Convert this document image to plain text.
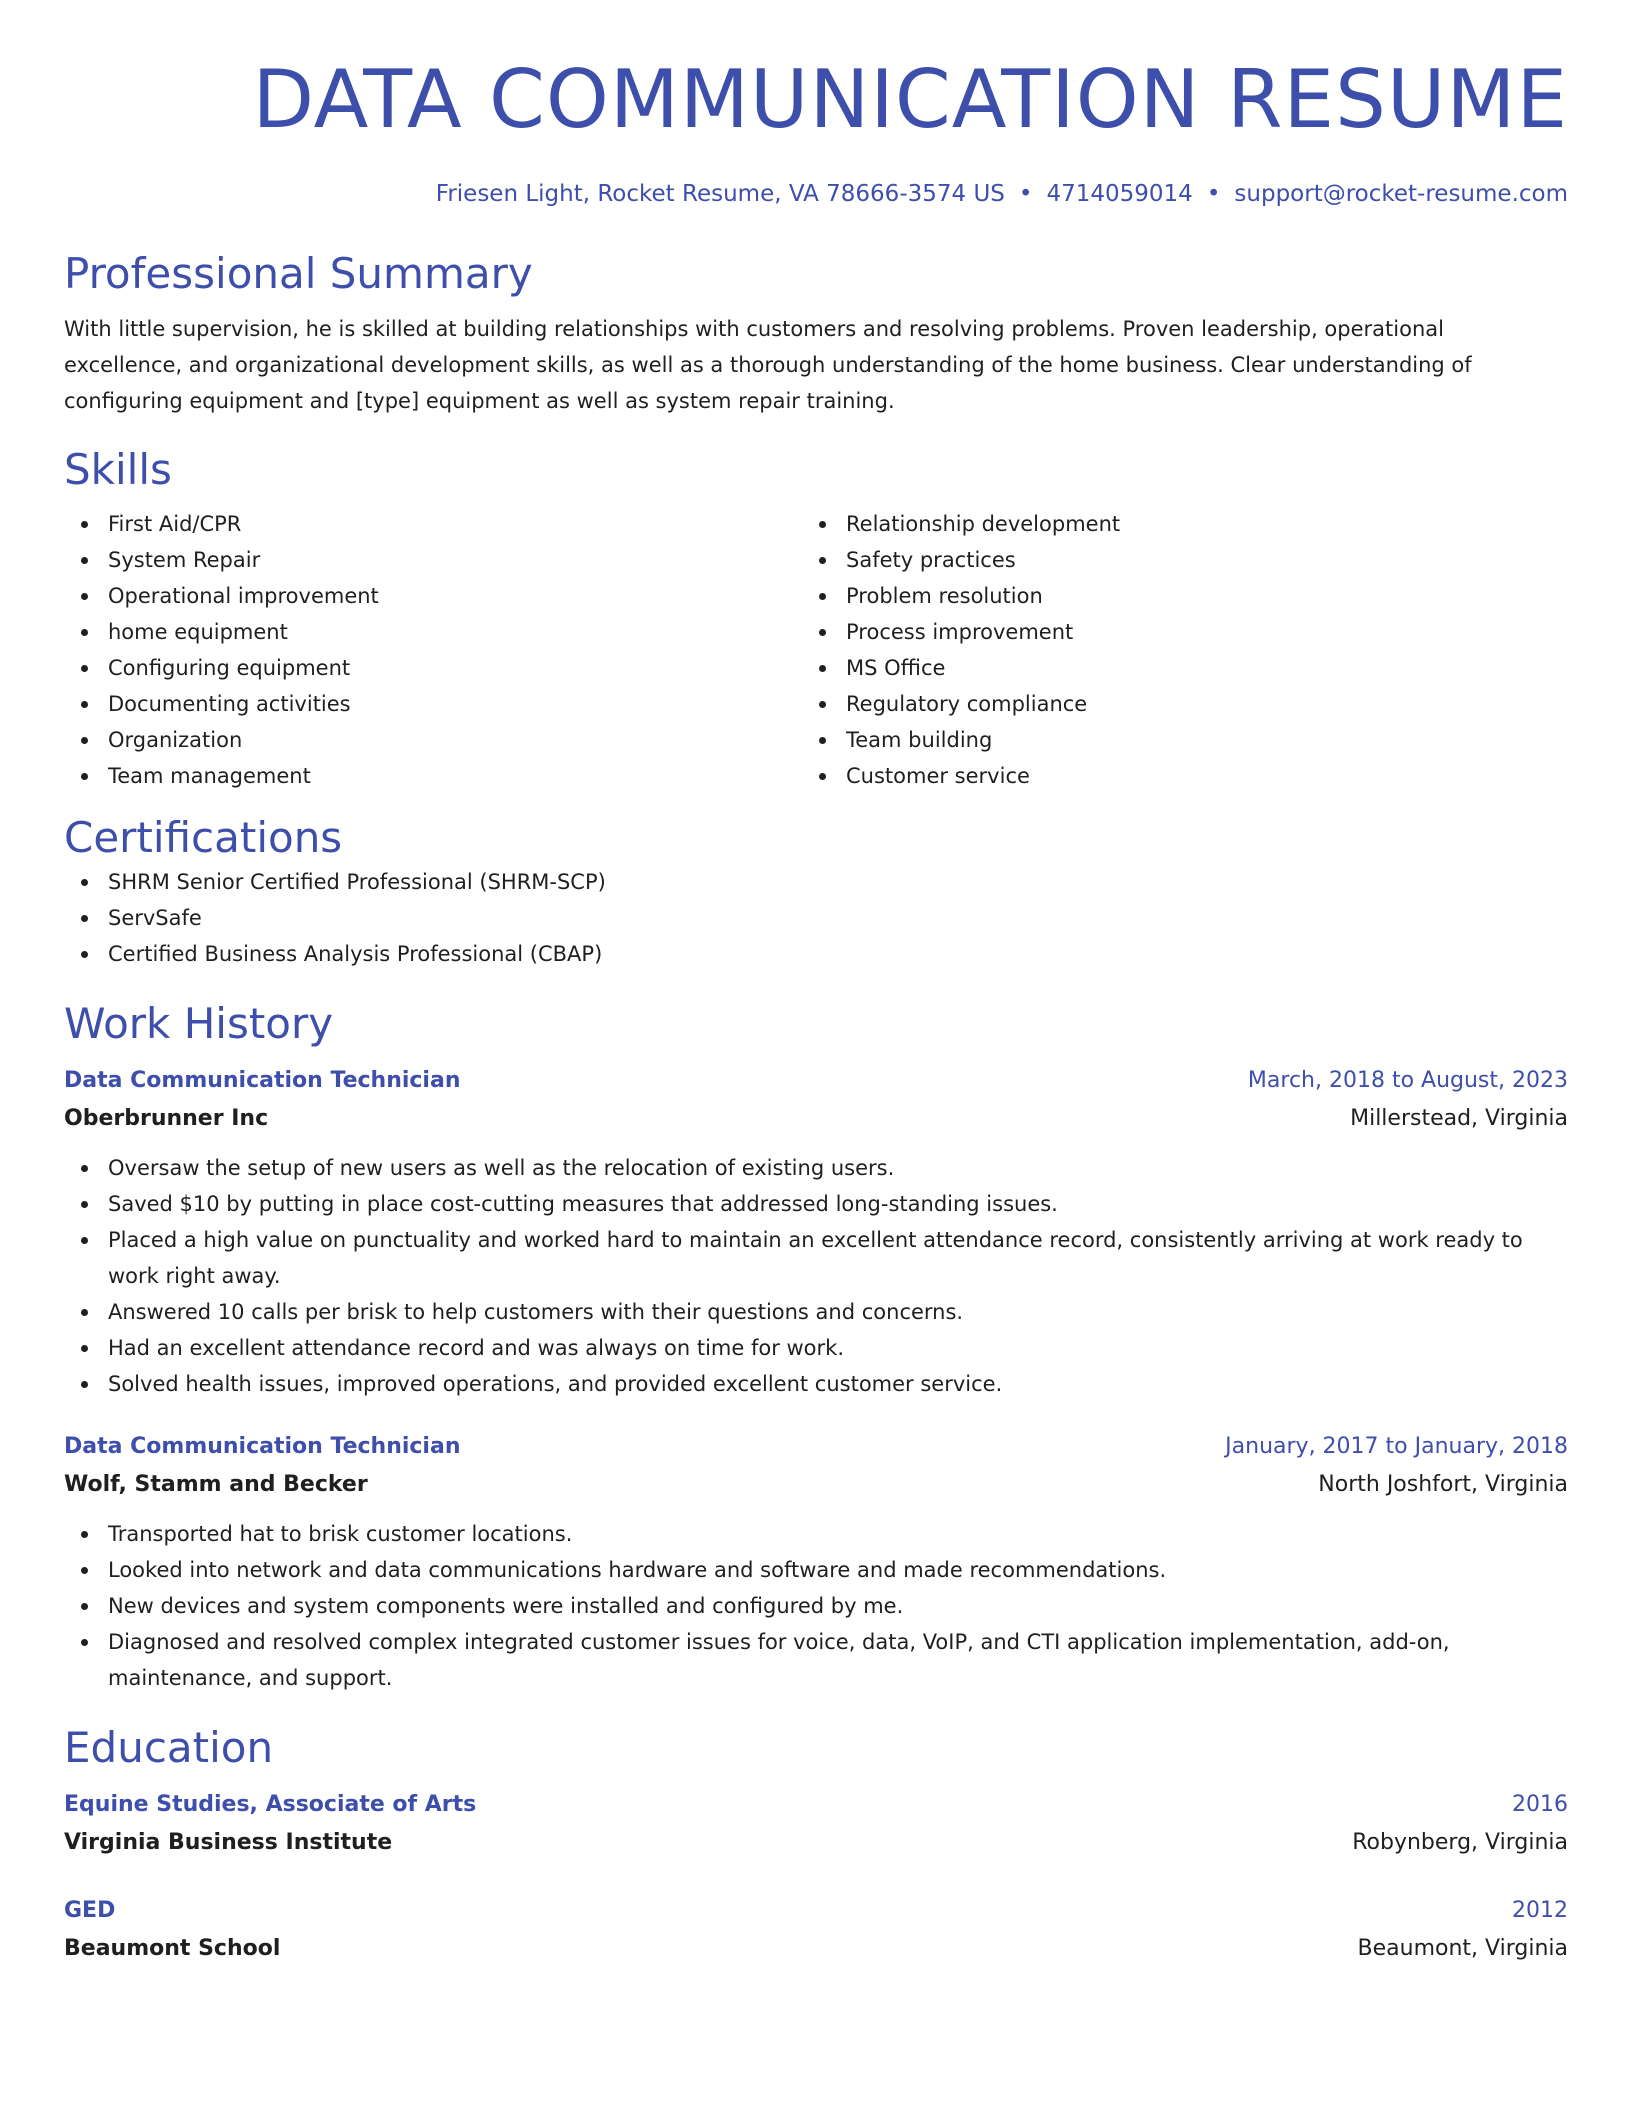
DATA COMMUNICATION RESUME
Friesen Light, Rocket Resume, VA 78666-3574 US • 4714059014 • support@rocket-resume.com
Professional Summary
With little supervision, he is skilled at building relationships with customers and resolving problems. Proven leadership, operational excellence, and organizational development skills, as well as a thorough understanding of the home business. Clear understanding of configuring equipment and [type] equipment as well as system repair training.
Skills
First Aid/CPR
System Repair
Operational improvement
home equipment
Configuring equipment
Documenting activities
Organization
Team management
Relationship development
Safety practices
Problem resolution
Process improvement
MS Office
Regulatory compliance
Team building
Customer service
Certifications
SHRM Senior Certified Professional (SHRM-SCP)
ServSafe
Certified Business Analysis Professional (CBAP)
Work History
Data Communication Technician	March, 2018 to August, 2023
Oberbrunner Inc	Millerstead, Virginia
Oversaw the setup of new users as well as the relocation of existing users.
Saved $10 by putting in place cost-cutting measures that addressed long-standing issues.
Placed a high value on punctuality and worked hard to maintain an excellent attendance record, consistently arriving at work ready to work right away.
Answered 10 calls per brisk to help customers with their questions and concerns.
Had an excellent attendance record and was always on time for work.
Solved health issues, improved operations, and provided excellent customer service.
Data Communication Technician	January, 2017 to January, 2018
Wolf, Stamm and Becker	North Joshfort, Virginia
Transported hat to brisk customer locations.
Looked into network and data communications hardware and software and made recommendations.
New devices and system components were installed and configured by me.
Diagnosed and resolved complex integrated customer issues for voice, data, VoIP, and CTI application implementation, add-on, maintenance, and support.
Education
Equine Studies, Associate of Arts	2016
Virginia Business Institute	Robynberg, Virginia
GED	2012
Beaumont School	Beaumont, Virginia
